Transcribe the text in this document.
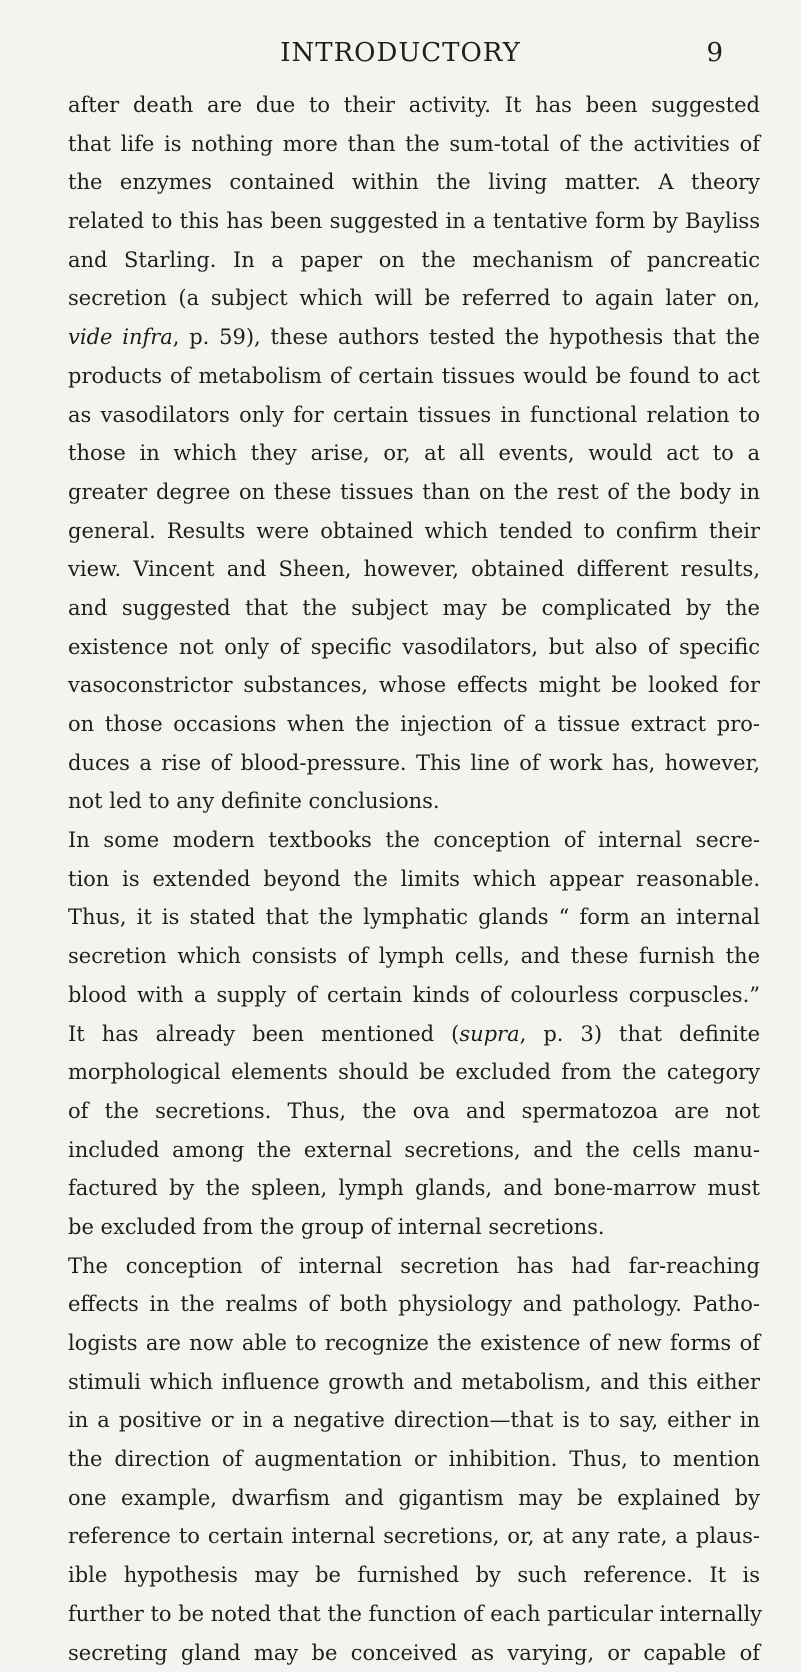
INTRODUCTORY	9
after death are due to their activity. It has been suggested
that life is nothing more than the sum-total of the activities of
the enzymes contained within the living matter. A theory
related to this has been suggested in a tentative form by Bayliss
and Starling. In a paper on the mechanism of pancreatic
secretion (a subject which will be referred to again later on,
vide infra, p. 59), these authors tested the hypothesis that the
products of metabolism of certain tissues would be found to act
as vasodilators only for certain tissues in functional relation to
those in which they arise, or, at all events, would act to a
greater degree on these tissues than on the rest of the body in
general. Results were obtained which tended to confirm their
view. Vincent and Sheen, however, obtained different results,
and suggested that the subject may be complicated by the
existence not only of specific vasodilators, but also of specific
vasoconstrictor substances, whose effects might be looked for
on those occasions when the injection of a tissue extract pro-
duces a rise of blood-pressure. This line of work has, however,
not led to any definite conclusions.
In some modern textbooks the conception of internal secre-
tion is extended beyond the limits which appear reasonable.
Thus, it is stated that the lymphatic glands “ form an internal
secretion which consists of lymph cells, and these furnish the
blood with a supply of certain kinds of colourless corpuscles.”
It has already been mentioned (supra, p. 3) that definite
morphological elements should be excluded from the category
of the secretions. Thus, the ova and spermatozoa are not
included among the external secretions, and the cells manu-
factured by the spleen, lymph glands, and bone-marrow must
be excluded from the group of internal secretions.
The conception of internal secretion has had far-reaching
effects in the realms of both physiology and pathology. Patho-
logists are now able to recognize the existence of new forms of
stimuli which influence growth and metabolism, and this either
in a positive or in a negative direction—that is to say, either in
the direction of augmentation or inhibition. Thus, to mention
one example, dwarfism and gigantism may be explained by
reference to certain internal secretions, or, at any rate, a plaus-
ible hypothesis may be furnished by such reference. It is
further to be noted that the function of each particular internally
secreting gland may be conceived as varying, or capable of
